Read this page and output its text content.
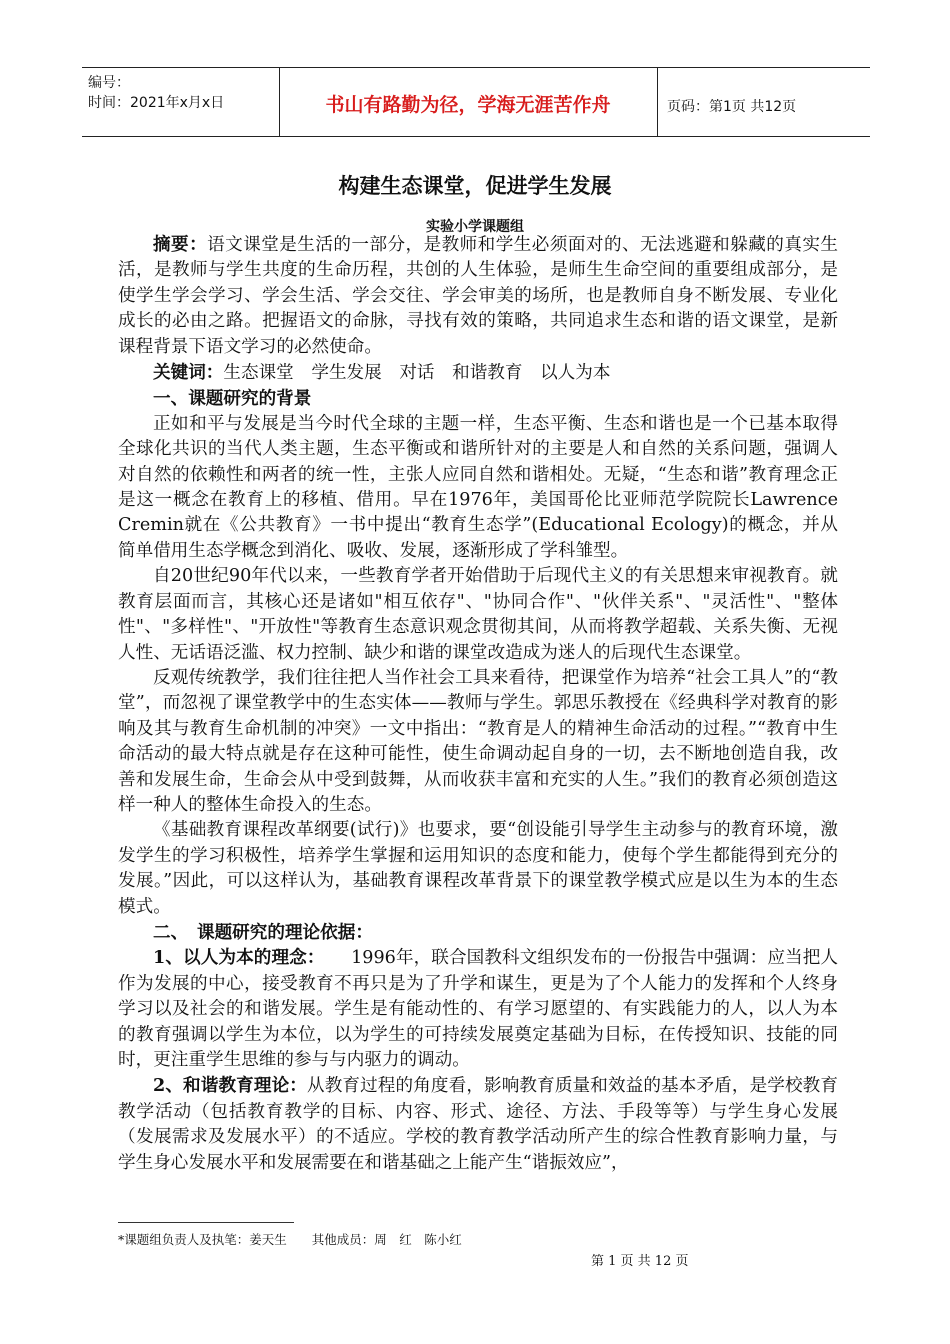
编号：
时间：2021年x月x日	书山有路勤为径，学海无涯苦作舟	页码：第1页 共12页
构建生态课堂，促进学生发展
实验小学课题组

摘要：语文课堂是生活的一部分，是教师和学生必须面对的、无法逃避和躲藏的真实生活，是教师与学生共度的生命历程，共创的人生体验，是师生生命空间的重要组成部分，是使学生学会学习、学会生活、学会交往、学会审美的场所，也是教师自身不断发展、专业化成长的必由之路。把握语文的命脉，寻找有效的策略，共同追求生态和谐的语文课堂，是新课程背景下语文学习的必然使命。

关键词：生态课堂　学生发展　对话　和谐教育　以人为本

一、课题研究的背景

正如和平与发展是当今时代全球的主题一样，生态平衡、生态和谐也是一个已基本取得全球化共识的当代人类主题，生态平衡或和谐所针对的主要是人和自然的关系问题，强调人对自然的依赖性和两者的统一性，主张人应同自然和谐相处。无疑，“生态和谐”教育理念正是这一概念在教育上的移植、借用。早在1976年，美国哥伦比亚师范学院院长Lawrence Cremin就在《公共教育》一书中提出“教育生态学”(Educational Ecology)的概念，并从简单借用生态学概念到消化、吸收、发展，逐渐形成了学科雏型。

自20世纪90年代以来，一些教育学者开始借助于后现代主义的有关思想来审视教育。就教育层面而言，其核心还是诸如"相互依存"、"协同合作"、"伙伴关系"、"灵活性"、"整体性"、"多样性"、"开放性"等教育生态意识观念贯彻其间，从而将教学超载、关系失衡、无视人性、无话语泛滥、权力控制、缺少和谐的课堂改造成为迷人的后现代生态课堂。

反观传统教学，我们往往把人当作社会工具来看待，把课堂作为培养“社会工具人”的“教堂”，而忽视了课堂教学中的生态实体——教师与学生。郭思乐教授在《经典科学对教育的影响及其与教育生命机制的冲突》一文中指出：“教育是人的精神生命活动的过程。”“教育中生命活动的最大特点就是存在这种可能性，使生命调动起自身的一切，去不断地创造自我，改善和发展生命，生命会从中受到鼓舞，从而收获丰富和充实的人生。”我们的教育必须创造这样一种人的整体生命投入的生态。

《基础教育课程改革纲要(试行)》也要求，要“创设能引导学生主动参与的教育环境，激发学生的学习积极性，培养学生掌握和运用知识的态度和能力，使每个学生都能得到充分的发展。”因此，可以这样认为，基础教育课程改革背景下的课堂教学模式应是以生为本的生态模式。

二、　课题研究的理论依据：

1、以人为本的理念：　　1996年，联合国教科文组织发布的一份报告中强调：应当把人作为发展的中心，接受教育不再只是为了升学和谋生，更是为了个人能力的发挥和个人终身学习以及社会的和谐发展。学生是有能动性的、有学习愿望的、有实践能力的人，以人为本的教育强调以学生为本位，以为学生的可持续发展奠定基础为目标，在传授知识、技能的同时，更注重学生思维的参与与内驱力的调动。

2、和谐教育理论：从教育过程的角度看，影响教育质量和效益的基本矛盾，是学校教育教学活动（包括教育教学的目标、内容、形式、途径、方法、手段等等）与学生身心发展（发展需求及发展水平）的不适应。学校的教育教学活动所产生的综合性教育影响力量，与学生身心发展水平和发展需要在和谐基础之上能产生“谐振效应”，

*课题组负责人及执笔：姜天生　　其他成员：周　红　陈小红
第 1 页 共 12 页
